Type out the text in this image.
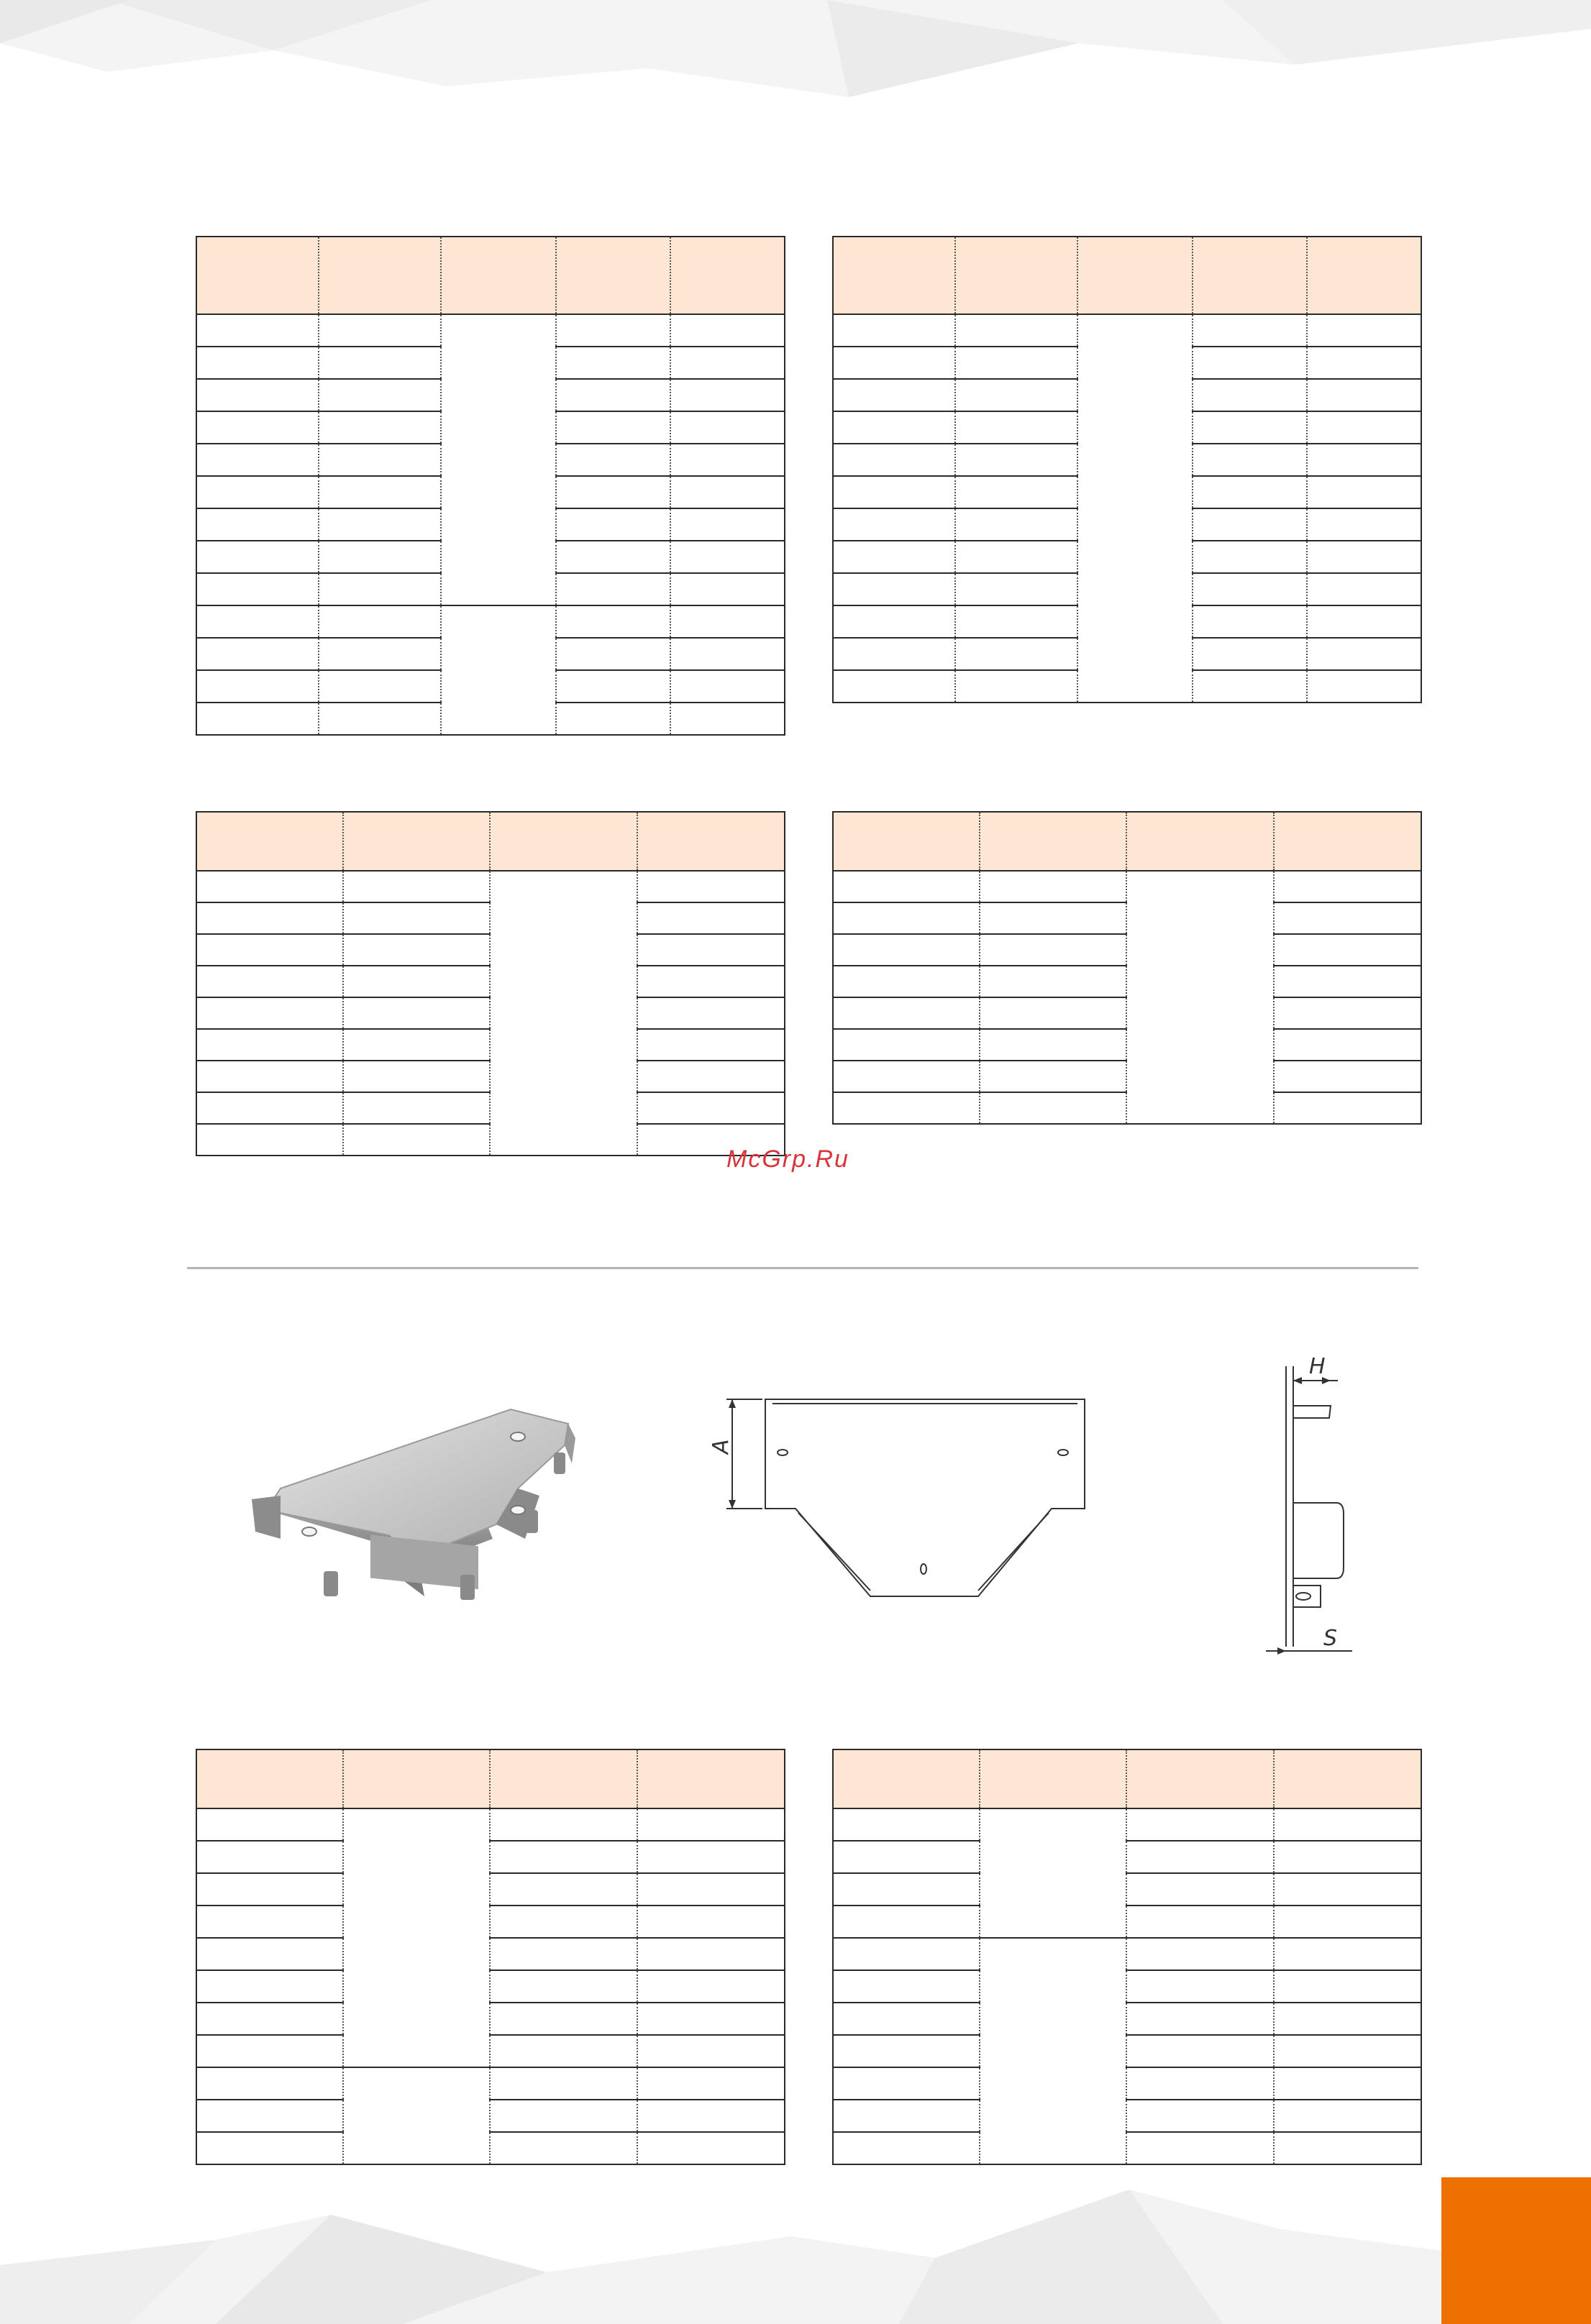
McGrp.Ru
A
H
S
